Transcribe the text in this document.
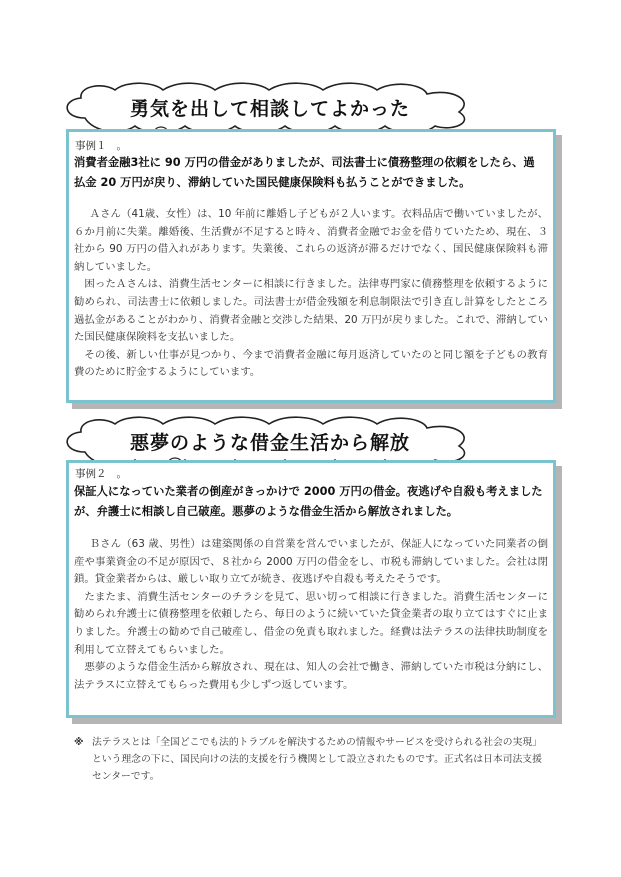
勇気を出して相談してよかった
事例１ 。
消費者金融3社に 90 万円の借金がありましたが、司法書士に債務整理の依頼をしたら、過払金 20 万円が戻り、滞納していた国民健康保険料も払うことができました。

Ａさん（41歳、女性）は、10 年前に離婚し子どもが２人います。衣料品店で働いていましたが、６か月前に失業。離婚後、生活費が不足すると時々、消費者金融でお金を借りていたため、現在、３社から 90 万円の借入れがあります。失業後、これらの返済が滞るだけでなく、国民健康保険料も滞納していました。

困ったＡさんは、消費生活センターに相談に行きました。法律専門家に債務整理を依頼するように勧められ、司法書士に依頼しました。司法書士が借金残額を利息制限法で引き直し計算をしたところ過払金があることがわかり、消費者金融と交渉した結果、20 万円が戻りました。これで、滞納していた国民健康保険料を支払いました。

その後、新しい仕事が見つかり、今まで消費者金融に毎月返済していたのと同じ額を子どもの教育費のために貯金するようにしています。

悪夢のような借金生活から解放
事例２ 。
保証人になっていた業者の倒産がきっかけで 2000 万円の借金。夜逃げや自殺も考えましたが、弁護士に相談し自己破産。悪夢のような借金生活から解放されました。

Ｂさん（63 歳、男性）は建築関係の自営業を営んでいましたが、保証人になっていた同業者の倒産や事業資金の不足が原因で、８社から 2000 万円の借金をし、市税も滞納していました。会社は閉鎖。貸金業者からは、厳しい取り立てが続き、夜逃げや自殺も考えたそうです。

たまたま、消費生活センターのチラシを見て、思い切って相談に行きました。消費生活センターに勧められ弁護士に債務整理を依頼したら、毎日のように続いていた貸金業者の取り立てはすぐに止まりました。弁護士の勧めで自己破産し、借金の免責も取れました。経費は法テラスの法律扶助制度を利用して立替えてもらいました。

悪夢のような借金生活から解放され、現在は、知人の会社で働き、滞納していた市税は分納にし、法テラスに立替えてもらった費用も少しずつ返しています。

※ 法テラスとは「全国どこでも法的トラブルを解決するための情報やサービスを受けられる社会の実現」という理念の下に、国民向けの法的支援を行う機関として設立されたものです。正式名は日本司法支援センターです。
